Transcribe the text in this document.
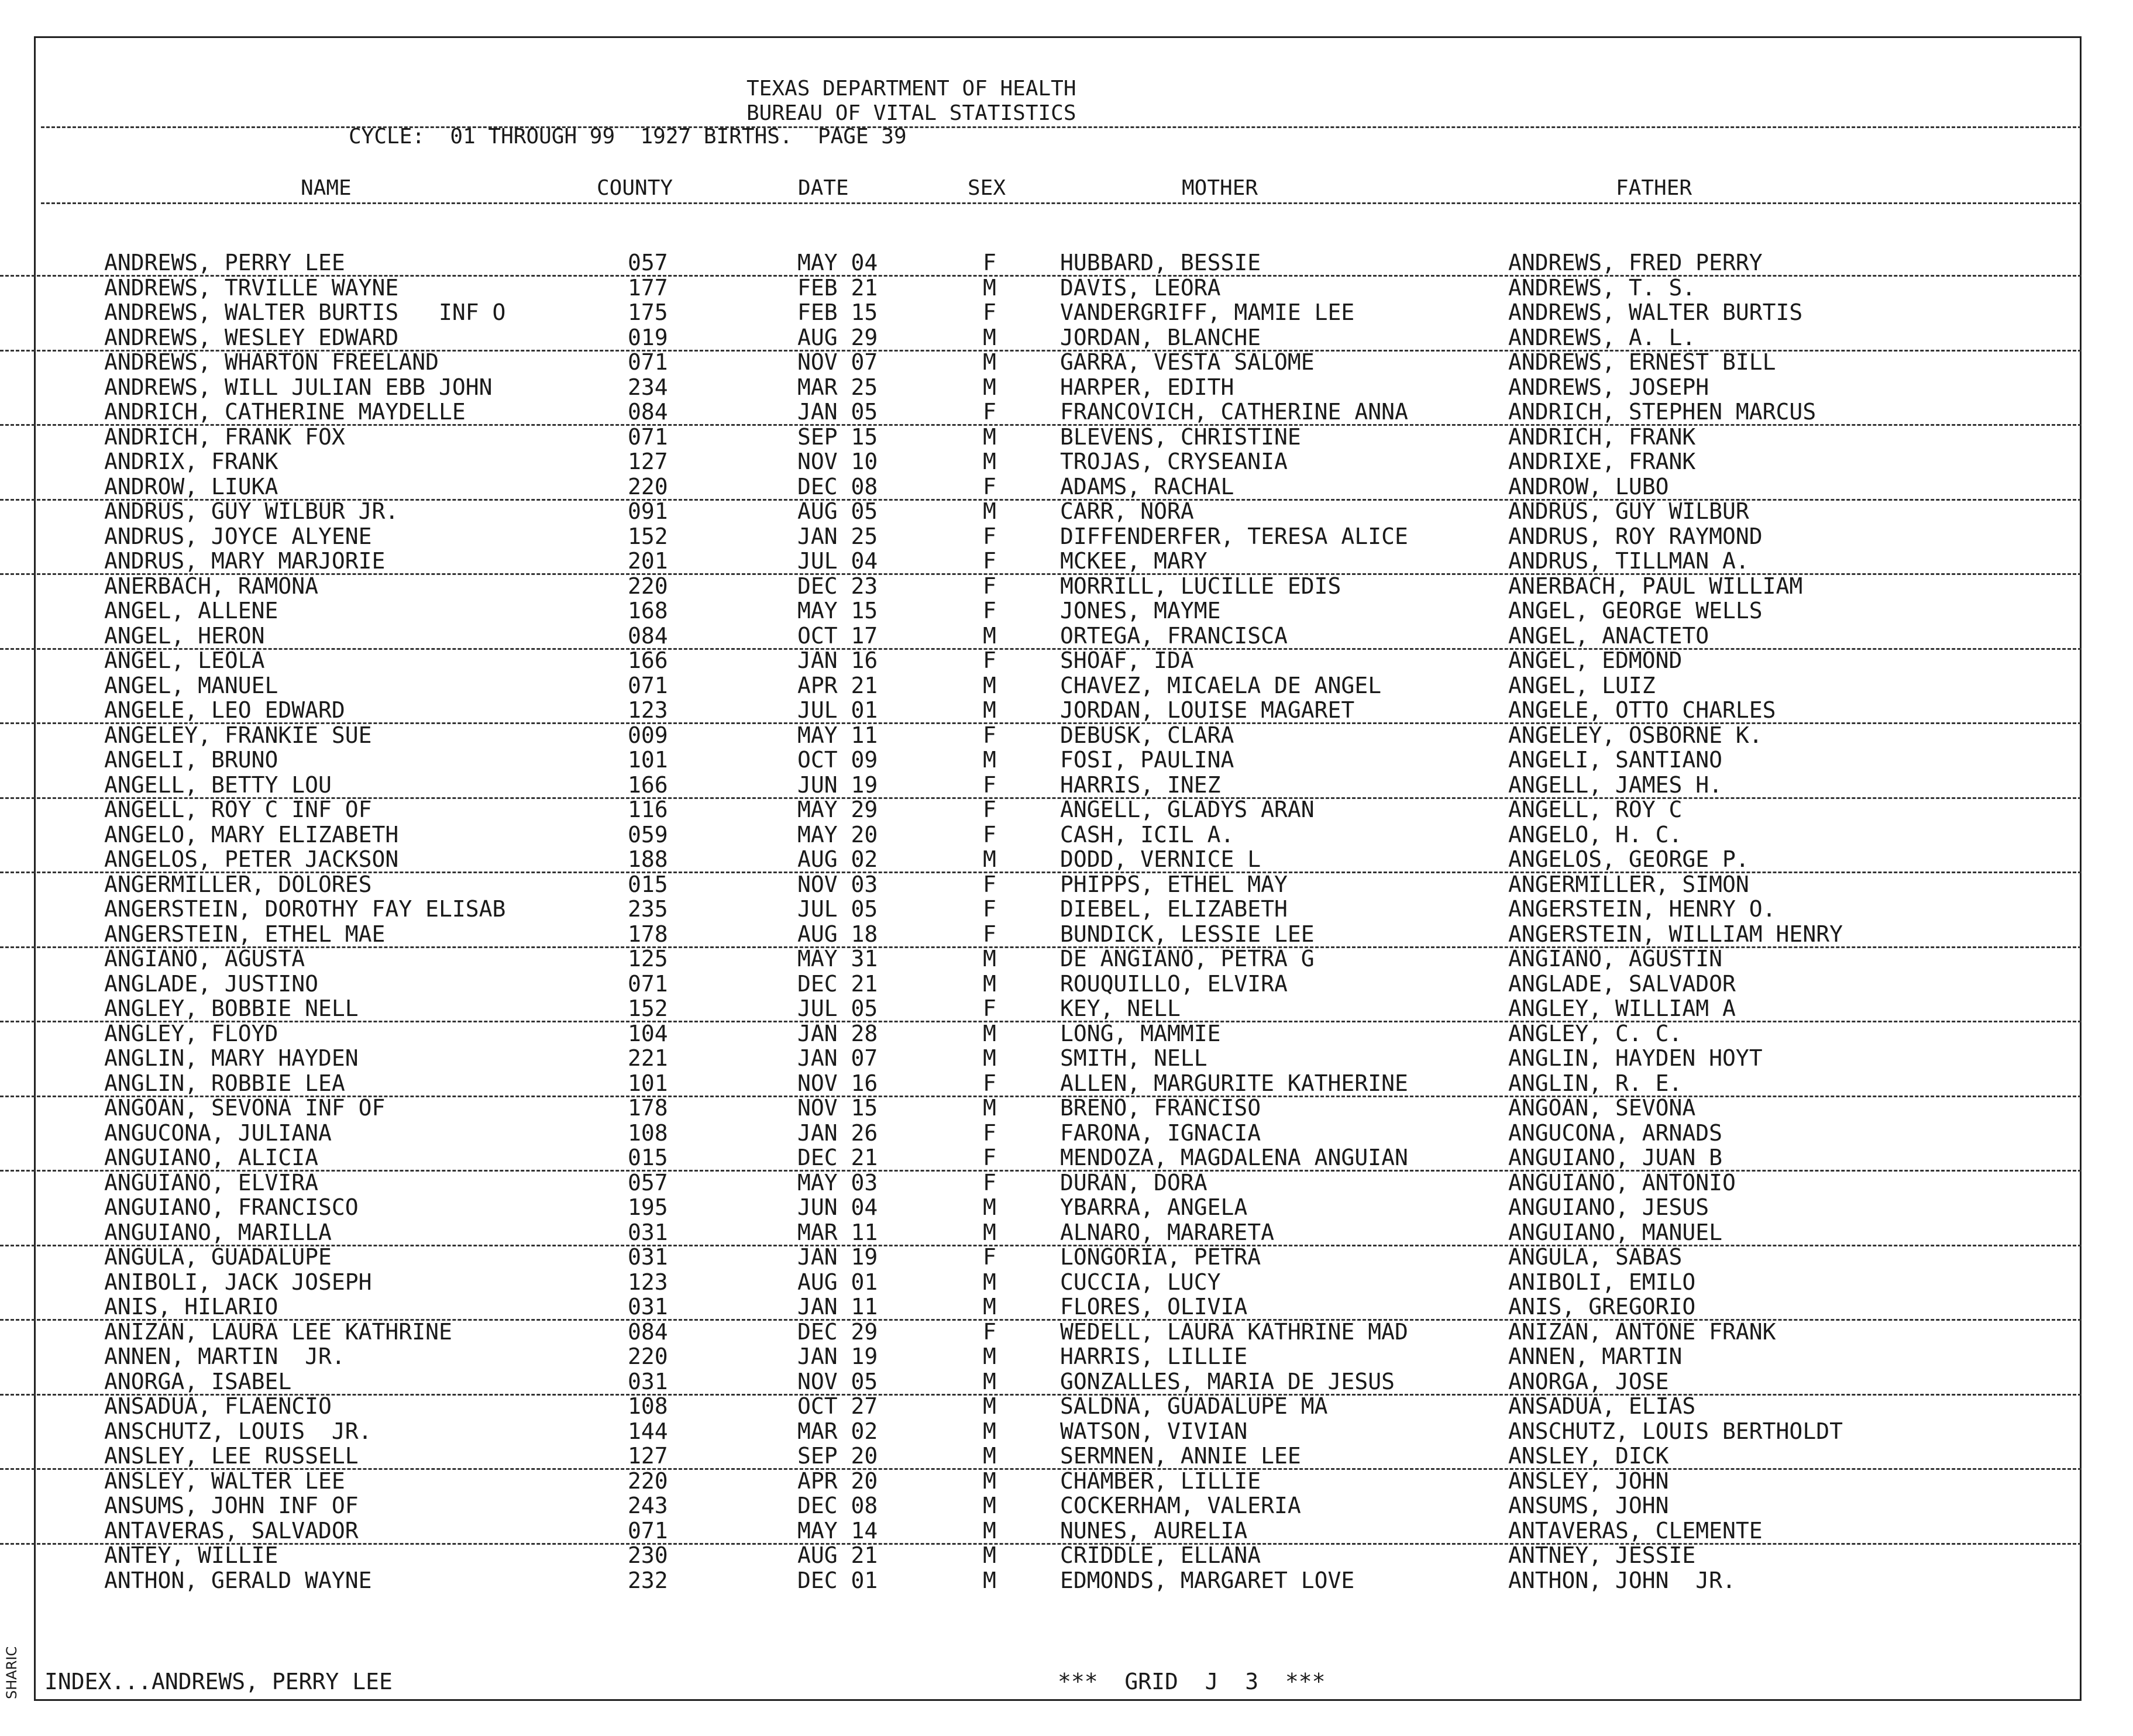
TEXAS DEPARTMENT OF HEALTH
BUREAU OF VITAL STATISTICS
CYCLE:  01 THROUGH 99  1927 BIRTHS.  PAGE 39
NAME	COUNTY	DATE	SEX	MOTHER	FATHER
ANDREWS, PERRY LEE	057	MAY 04	F	HUBBARD, BESSIE	ANDREWS, FRED PERRY
ANDREWS, TRVILLE WAYNE	177	FEB 21	M	DAVIS, LEORA	ANDREWS, T. S.
ANDREWS, WALTER BURTIS   INF O	175	FEB 15	F	VANDERGRIFF, MAMIE LEE	ANDREWS, WALTER BURTIS
ANDREWS, WESLEY EDWARD	019	AUG 29	M	JORDAN, BLANCHE	ANDREWS, A. L.
ANDREWS, WHARTON FREELAND	071	NOV 07	M	GARRA, VESTA SALOME	ANDREWS, ERNEST BILL
ANDREWS, WILL JULIAN EBB JOHN	234	MAR 25	M	HARPER, EDITH	ANDREWS, JOSEPH
ANDRICH, CATHERINE MAYDELLE	084	JAN 05	F	FRANCOVICH, CATHERINE ANNA	ANDRICH, STEPHEN MARCUS
ANDRICH, FRANK FOX	071	SEP 15	M	BLEVENS, CHRISTINE	ANDRICH, FRANK
ANDRIX, FRANK	127	NOV 10	M	TROJAS, CRYSEANIA	ANDRIXE, FRANK
ANDROW, LIUKA	220	DEC 08	F	ADAMS, RACHAL	ANDROW, LUBO
ANDRUS, GUY WILBUR JR.	091	AUG 05	M	CARR, NORA	ANDRUS, GUY WILBUR
ANDRUS, JOYCE ALYENE	152	JAN 25	F	DIFFENDERFER, TERESA ALICE	ANDRUS, ROY RAYMOND
ANDRUS, MARY MARJORIE	201	JUL 04	F	MCKEE, MARY	ANDRUS, TILLMAN A.
ANERBACH, RAMONA	220	DEC 23	F	MORRILL, LUCILLE EDIS	ANERBACH, PAUL WILLIAM
ANGEL, ALLENE	168	MAY 15	F	JONES, MAYME	ANGEL, GEORGE WELLS
ANGEL, HERON	084	OCT 17	M	ORTEGA, FRANCISCA	ANGEL, ANACTETO
ANGEL, LEOLA	166	JAN 16	F	SHOAF, IDA	ANGEL, EDMOND
ANGEL, MANUEL	071	APR 21	M	CHAVEZ, MICAELA DE ANGEL	ANGEL, LUIZ
ANGELE, LEO EDWARD	123	JUL 01	M	JORDAN, LOUISE MAGARET	ANGELE, OTTO CHARLES
ANGELEY, FRANKIE SUE	009	MAY 11	F	DEBUSK, CLARA	ANGELEY, OSBORNE K.
ANGELI, BRUNO	101	OCT 09	M	FOSI, PAULINA	ANGELI, SANTIANO
ANGELL, BETTY LOU	166	JUN 19	F	HARRIS, INEZ	ANGELL, JAMES H.
ANGELL, ROY C INF OF	116	MAY 29	F	ANGELL, GLADYS ARAN	ANGELL, ROY C
ANGELO, MARY ELIZABETH	059	MAY 20	F	CASH, ICIL A.	ANGELO, H. C.
ANGELOS, PETER JACKSON	188	AUG 02	M	DODD, VERNICE L	ANGELOS, GEORGE P.
ANGERMILLER, DOLORES	015	NOV 03	F	PHIPPS, ETHEL MAY	ANGERMILLER, SIMON
ANGERSTEIN, DOROTHY FAY ELISAB	235	JUL 05	F	DIEBEL, ELIZABETH	ANGERSTEIN, HENRY O.
ANGERSTEIN, ETHEL MAE	178	AUG 18	F	BUNDICK, LESSIE LEE	ANGERSTEIN, WILLIAM HENRY
ANGIANO, AGUSTA	125	MAY 31	M	DE ANGIANO, PETRA G	ANGIANO, AGUSTIN
ANGLADE, JUSTINO	071	DEC 21	M	ROUQUILLO, ELVIRA	ANGLADE, SALVADOR
ANGLEY, BOBBIE NELL	152	JUL 05	F	KEY, NELL	ANGLEY, WILLIAM A
ANGLEY, FLOYD	104	JAN 28	M	LONG, MAMMIE	ANGLEY, C. C.
ANGLIN, MARY HAYDEN	221	JAN 07	M	SMITH, NELL	ANGLIN, HAYDEN HOYT
ANGLIN, ROBBIE LEA	101	NOV 16	F	ALLEN, MARGURITE KATHERINE	ANGLIN, R. E.
ANGOAN, SEVONA INF OF	178	NOV 15	M	BRENO, FRANCISO	ANGOAN, SEVONA
ANGUCONA, JULIANA	108	JAN 26	F	FARONA, IGNACIA	ANGUCONA, ARNADS
ANGUIANO, ALICIA	015	DEC 21	F	MENDOZA, MAGDALENA ANGUIAN	ANGUIANO, JUAN B
ANGUIANO, ELVIRA	057	MAY 03	F	DURAN, DORA	ANGUIANO, ANTONIO
ANGUIANO, FRANCISCO	195	JUN 04	M	YBARRA, ANGELA	ANGUIANO, JESUS
ANGUIANO, MARILLA	031	MAR 11	M	ALNARO, MARARETA	ANGUIANO, MANUEL
ANGULA, GUADALUPE	031	JAN 19	F	LONGORIA, PETRA	ANGULA, SABAS
ANIBOLI, JACK JOSEPH	123	AUG 01	M	CUCCIA, LUCY	ANIBOLI, EMILO
ANIS, HILARIO	031	JAN 11	M	FLORES, OLIVIA	ANIS, GREGORIO
ANIZAN, LAURA LEE KATHRINE	084	DEC 29	F	WEDELL, LAURA KATHRINE MAD	ANIZAN, ANTONE FRANK
ANNEN, MARTIN  JR.	220	JAN 19	M	HARRIS, LILLIE	ANNEN, MARTIN
ANORGA, ISABEL	031	NOV 05	M	GONZALLES, MARIA DE JESUS	ANORGA, JOSE
ANSADUA, FLAENCIO	108	OCT 27	M	SALDNA, GUADALUPE MA	ANSADUA, ELIAS
ANSCHUTZ, LOUIS  JR.	144	MAR 02	M	WATSON, VIVIAN	ANSCHUTZ, LOUIS BERTHOLDT
ANSLEY, LEE RUSSELL	127	SEP 20	M	SERMNEN, ANNIE LEE	ANSLEY, DICK
ANSLEY, WALTER LEE	220	APR 20	M	CHAMBER, LILLIE	ANSLEY, JOHN
ANSUMS, JOHN INF OF	243	DEC 08	M	COCKERHAM, VALERIA	ANSUMS, JOHN
ANTAVERAS, SALVADOR	071	MAY 14	M	NUNES, AURELIA	ANTAVERAS, CLEMENTE
ANTEY, WILLIE	230	AUG 21	M	CRIDDLE, ELLANA	ANTNEY, JESSIE
ANTHON, GERALD WAYNE	232	DEC 01	M	EDMONDS, MARGARET LOVE	ANTHON, JOHN  JR.
INDEX...ANDREWS, PERRY LEE	***  GRID  J  3  ***
SHARIC
